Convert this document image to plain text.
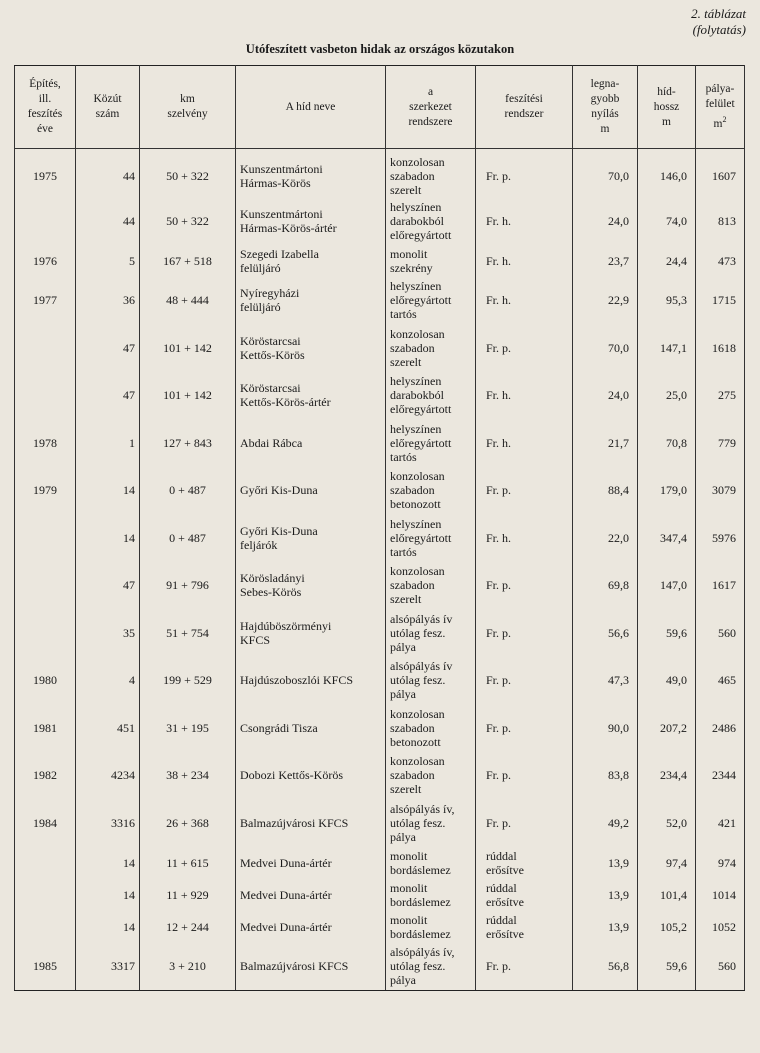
2. táblázat
(folytatás)
Utófeszített vasbeton hidak az országos közutakon
Építés,
ill.
feszítés
éve	Közút
szám	km
szelvény	A híd neve	a
szerkezet
rendszere	feszítési
rendszer	legna-
gyobb
nyílás
m	híd-
hossz
m	pálya-
felület
$m^2$
1975	44	50 + 322	Kunszentmártoni
Hármas-Körös	konzolosan
szabadon
szerelt	Fr. p.	70,0	146,0	1607
	44	50 + 322	Kunszentmártoni
Hármas-Körös-ártér	helyszínen
darabokból
előregyártott	Fr. h.	24,0	74,0	813
1976	5	167 + 518	Szegedi Izabella
felüljáró	monolit
szekrény	Fr. h.	23,7	24,4	473
1977	36	48 + 444	Nyíregyházi
felüljáró	helyszínen
előregyártott
tartós	Fr. h.	22,9	95,3	1715
	47	101 + 142	Köröstarcsai
Kettős-Körös	konzolosan
szabadon
szerelt	Fr. p.	70,0	147,1	1618
	47	101 + 142	Köröstarcsai
Kettős-Körös-ártér	helyszínen
darabokból
előregyártott	Fr. h.	24,0	25,0	275
1978	1	127 + 843	Abdai Rábca	helyszínen
előregyártott
tartós	Fr. h.	21,7	70,8	779
1979	14	0 + 487	Győri Kis-Duna	konzolosan
szabadon
betonozott	Fr. p.	88,4	179,0	3079
	14	0 + 487	Győri Kis-Duna
feljárók	helyszínen
előregyártott
tartós	Fr. h.	22,0	347,4	5976
	47	91 + 796	Körösladányi
Sebes-Körös	konzolosan
szabadon
szerelt	Fr. p.	69,8	147,0	1617
	35	51 + 754	Hajdúböszörményi
KFCS	alsópályás ív
utólag fesz.
pálya	Fr. p.	56,6	59,6	560
1980	4	199 + 529	Hajdúszoboszlói KFCS	alsópályás ív
utólag fesz.
pálya	Fr. p.	47,3	49,0	465
1981	451	31 + 195	Csongrádi Tisza	konzolosan
szabadon
betonozott	Fr. p.	90,0	207,2	2486
1982	4234	38 + 234	Dobozi Kettős-Körös	konzolosan
szabadon
szerelt	Fr. p.	83,8	234,4	2344
1984	3316	26 + 368	Balmazújvárosi KFCS	alsópályás ív,
utólag fesz.
pálya	Fr. p.	49,2	52,0	421
	14	11 + 615	Medvei Duna-ártér	monolit
bordáslemez	rúddal
erősítve	13,9	97,4	974
	14	11 + 929	Medvei Duna-ártér	monolit
bordáslemez	rúddal
erősítve	13,9	101,4	1014
	14	12 + 244	Medvei Duna-ártér	monolit
bordáslemez	rúddal
erősítve	13,9	105,2	1052
1985	3317	3 + 210	Balmazújvárosi KFCS	alsópályás ív,
utólag fesz.
pálya	Fr. p.	56,8	59,6	560
